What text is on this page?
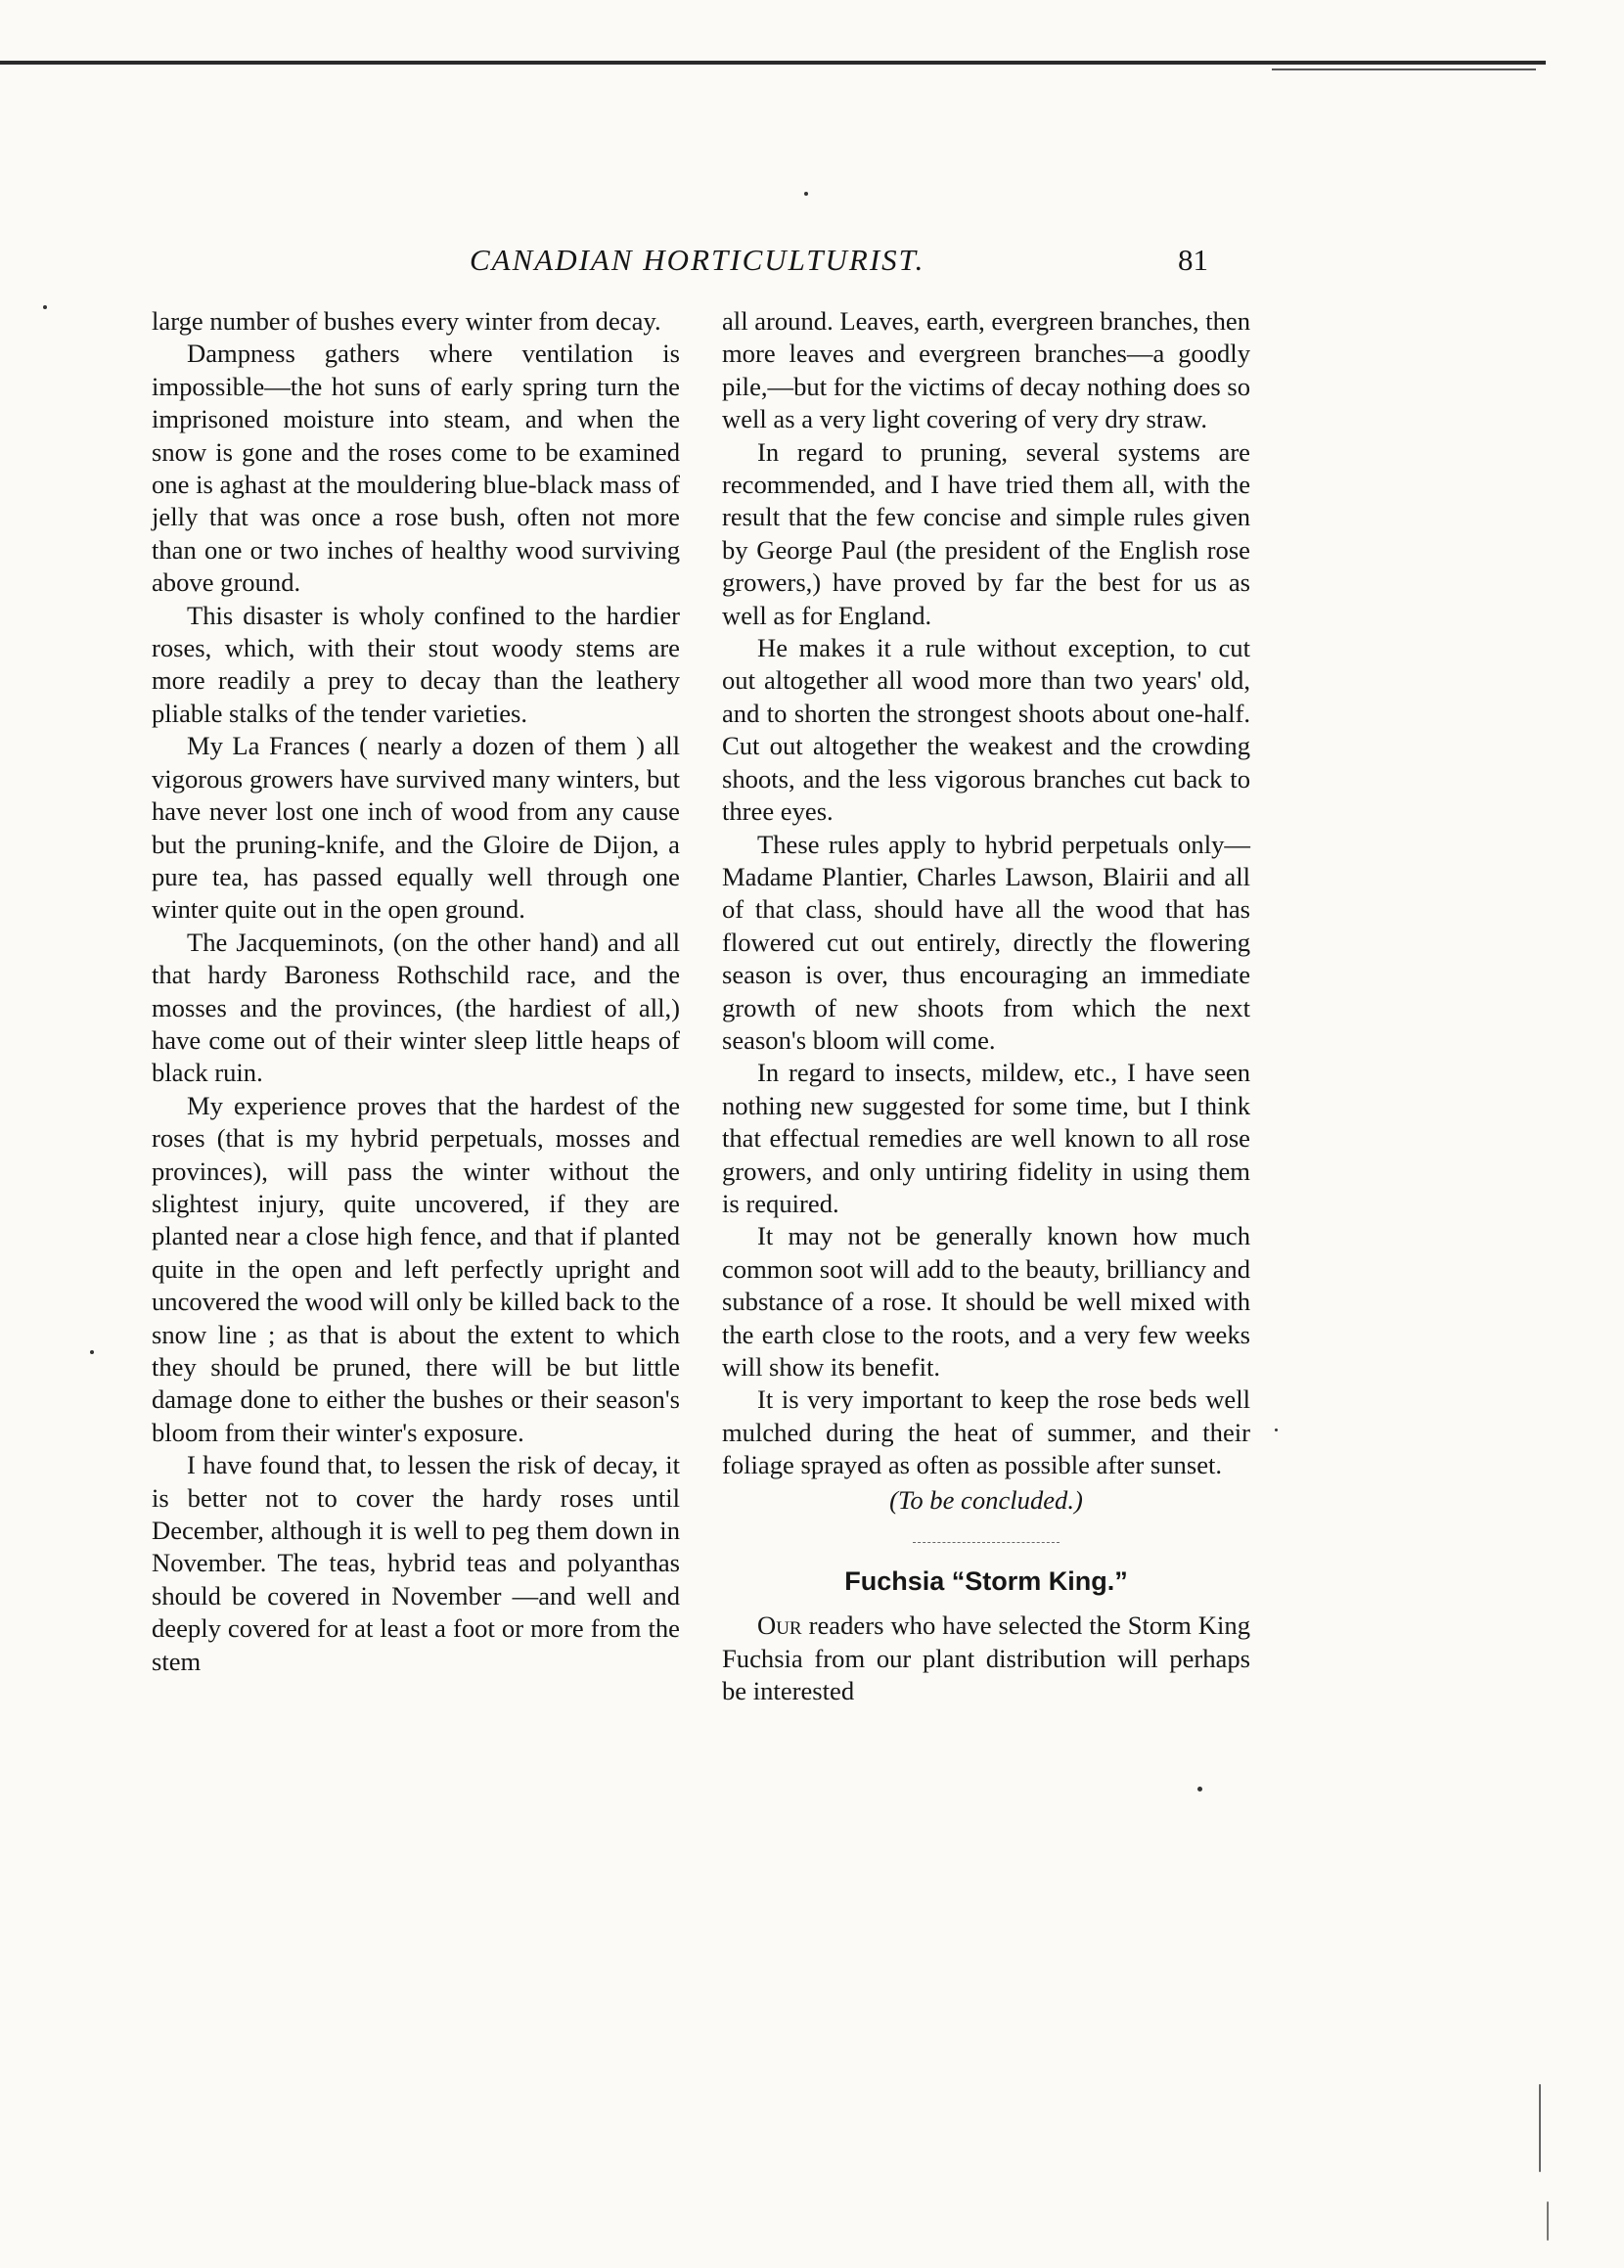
CANADIAN HORTICULTURIST.	81

large number of bushes every winter from decay.

Dampness gathers where ventilation is impossible—the hot suns of early spring turn the imprisoned moisture into steam, and when the snow is gone and the roses come to be examined one is aghast at the mouldering blue-black mass of jelly that was once a rose bush, often not more than one or two inches of healthy wood surviving above ground.

This disaster is wholy confined to the hardier roses, which, with their stout woody stems are more readily a prey to decay than the leathery pliable stalks of the tender varieties.

My La Frances ( nearly a dozen of them ) all vigorous growers have survived many winters, but have never lost one inch of wood from any cause but the pruning-knife, and the Gloire de Dijon, a pure tea, has passed equally well through one winter quite out in the open ground.

The Jacqueminots, (on the other hand) and all that hardy Baroness Rothschild race, and the mosses and the provinces, (the hardiest of all,) have come out of their winter sleep little heaps of black ruin.

My experience proves that the hardest of the roses (that is my hybrid perpetuals, mosses and provinces), will pass the winter without the slightest injury, quite uncovered, if they are planted near a close high fence, and that if planted quite in the open and left perfectly upright and uncovered the wood will only be killed back to the snow line ; as that is about the extent to which they should be pruned, there will be but little damage done to either the bushes or their season's bloom from their winter's exposure.

I have found that, to lessen the risk of decay, it is better not to cover the hardy roses until December, although it is well to peg them down in November. The teas, hybrid teas and polyanthas should be covered in November —and well and deeply covered for at least a foot or more from the stem

all around. Leaves, earth, evergreen branches, then more leaves and evergreen branches—a goodly pile,—but for the victims of decay nothing does so well as a very light covering of very dry straw.

In regard to pruning, several systems are recommended, and I have tried them all, with the result that the few concise and simple rules given by George Paul (the president of the English rose growers,) have proved by far the best for us as well as for England.

He makes it a rule without exception, to cut out altogether all wood more than two years' old, and to shorten the strongest shoots about one-half. Cut out altogether the weakest and the crowding shoots, and the less vigorous branches cut back to three eyes.

These rules apply to hybrid perpetuals only—Madame Plantier, Charles Lawson, Blairii and all of that class, should have all the wood that has flowered cut out entirely, directly the flowering season is over, thus encouraging an immediate growth of new shoots from which the next season's bloom will come.

In regard to insects, mildew, etc., I have seen nothing new suggested for some time, but I think that effectual remedies are well known to all rose growers, and only untiring fidelity in using them is required.

It may not be generally known how much common soot will add to the beauty, brilliancy and substance of a rose. It should be well mixed with the earth close to the roots, and a very few weeks will show its benefit.

It is very important to keep the rose beds well mulched during the heat of summer, and their foliage sprayed as often as possible after sunset.

(To be concluded.)

Fuchsia “Storm King.”

Our readers who have selected the Storm King Fuchsia from our plant distribution will perhaps be interested
